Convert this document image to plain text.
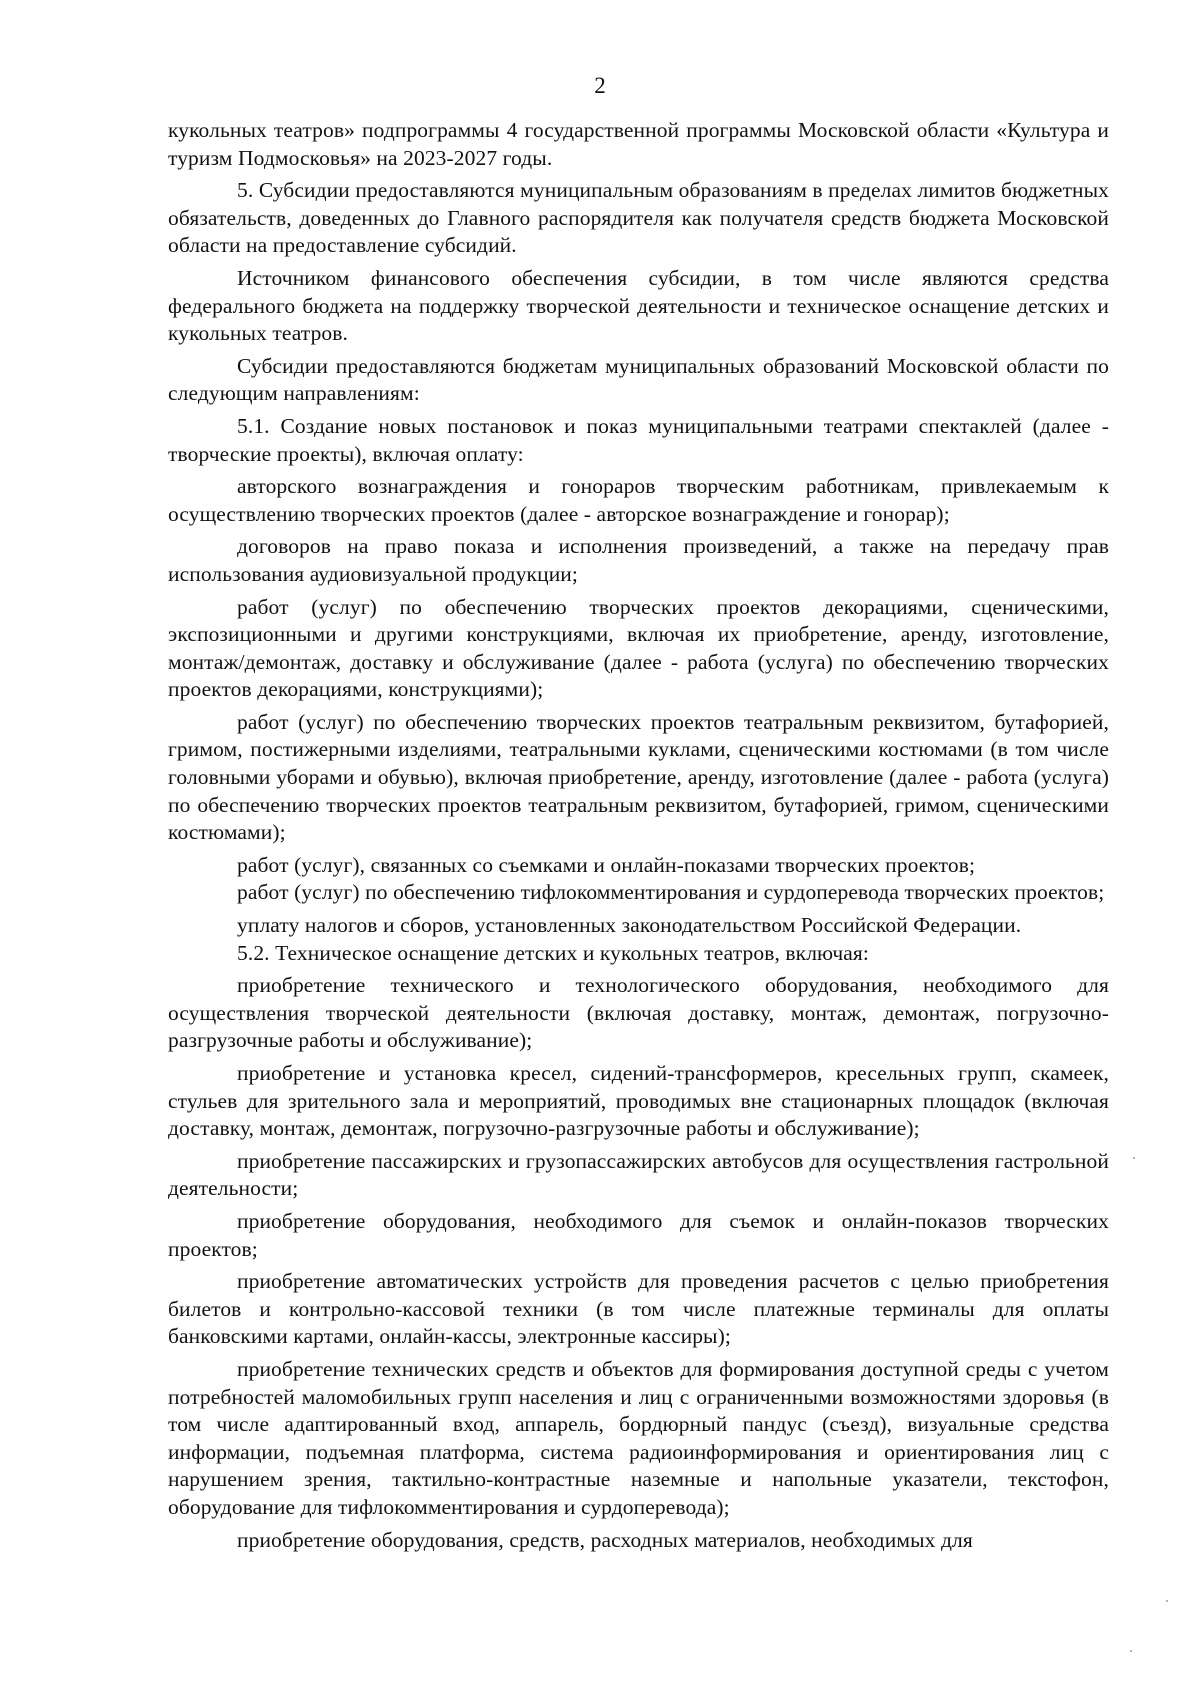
2

кукольных театров» подпрограммы 4 государственной программы Московской области «Культура и туризм Подмосковья» на 2023-2027 годы.

5. Субсидии предоставляются муниципальным образованиям в пределах лимитов бюджетных обязательств, доведенных до Главного распорядителя как получателя средств бюджета Московской области на предоставление субсидий.

Источником финансового обеспечения субсидии, в том числе являются средства федерального бюджета на поддержку творческой деятельности и техническое оснащение детских и кукольных театров.

Субсидии предоставляются бюджетам муниципальных образований Московской области по следующим направлениям:

5.1. Создание новых постановок и показ муниципальными театрами спектаклей (далее - творческие проекты), включая оплату:

авторского вознаграждения и гонораров творческим работникам, привлекаемым к осуществлению творческих проектов (далее - авторское вознаграждение и гонорар);

договоров на право показа и исполнения произведений, а также на передачу прав использования аудиовизуальной продукции;

работ (услуг) по обеспечению творческих проектов декорациями, сценическими, экспозиционными и другими конструкциями, включая их приобретение, аренду, изготовление, монтаж/демонтаж, доставку и обслуживание (далее - работа (услуга) по обеспечению творческих проектов декорациями, конструкциями);

работ (услуг) по обеспечению творческих проектов театральным реквизитом, бутафорией, гримом, постижерными изделиями, театральными куклами, сценическими костюмами (в том числе головными уборами и обувью), включая приобретение, аренду, изготовление (далее - работа (услуга) по обеспечению творческих проектов театральным реквизитом, бутафорией, гримом, сценическими костюмами);

работ (услуг), связанных со съемками и онлайн-показами творческих проектов;

работ (услуг) по обеспечению тифлокомментирования и сурдоперевода творческих проектов;

уплату налогов и сборов, установленных законодательством Российской Федерации.

5.2. Техническое оснащение детских и кукольных театров, включая:

приобретение технического и технологического оборудования, необходимого для осуществления творческой деятельности (включая доставку, монтаж, демонтаж, погрузочно-разгрузочные работы и обслуживание);

приобретение и установка кресел, сидений-трансформеров, кресельных групп, скамеек, стульев для зрительного зала и мероприятий, проводимых вне стационарных площадок (включая доставку, монтаж, демонтаж, погрузочно-разгрузочные работы и обслуживание);

приобретение пассажирских и грузопассажирских автобусов для осуществления гастрольной деятельности;

приобретение оборудования, необходимого для съемок и онлайн-показов творческих проектов;

приобретение автоматических устройств для проведения расчетов с целью приобретения билетов и контрольно-кассовой техники (в том числе платежные терминалы для оплаты банковскими картами, онлайн-кассы, электронные кассиры);

приобретение технических средств и объектов для формирования доступной среды с учетом потребностей маломобильных групп населения и лиц с ограниченными возможностями здоровья (в том числе адаптированный вход, аппарель, бордюрный пандус (съезд), визуальные средства информации, подъемная платформа, система радиоинформирования и ориентирования лиц с нарушением зрения, тактильно-контрастные наземные и напольные указатели, текстофон, оборудование для тифлокомментирования и сурдоперевода);

приобретение оборудования, средств, расходных материалов, необходимых для
